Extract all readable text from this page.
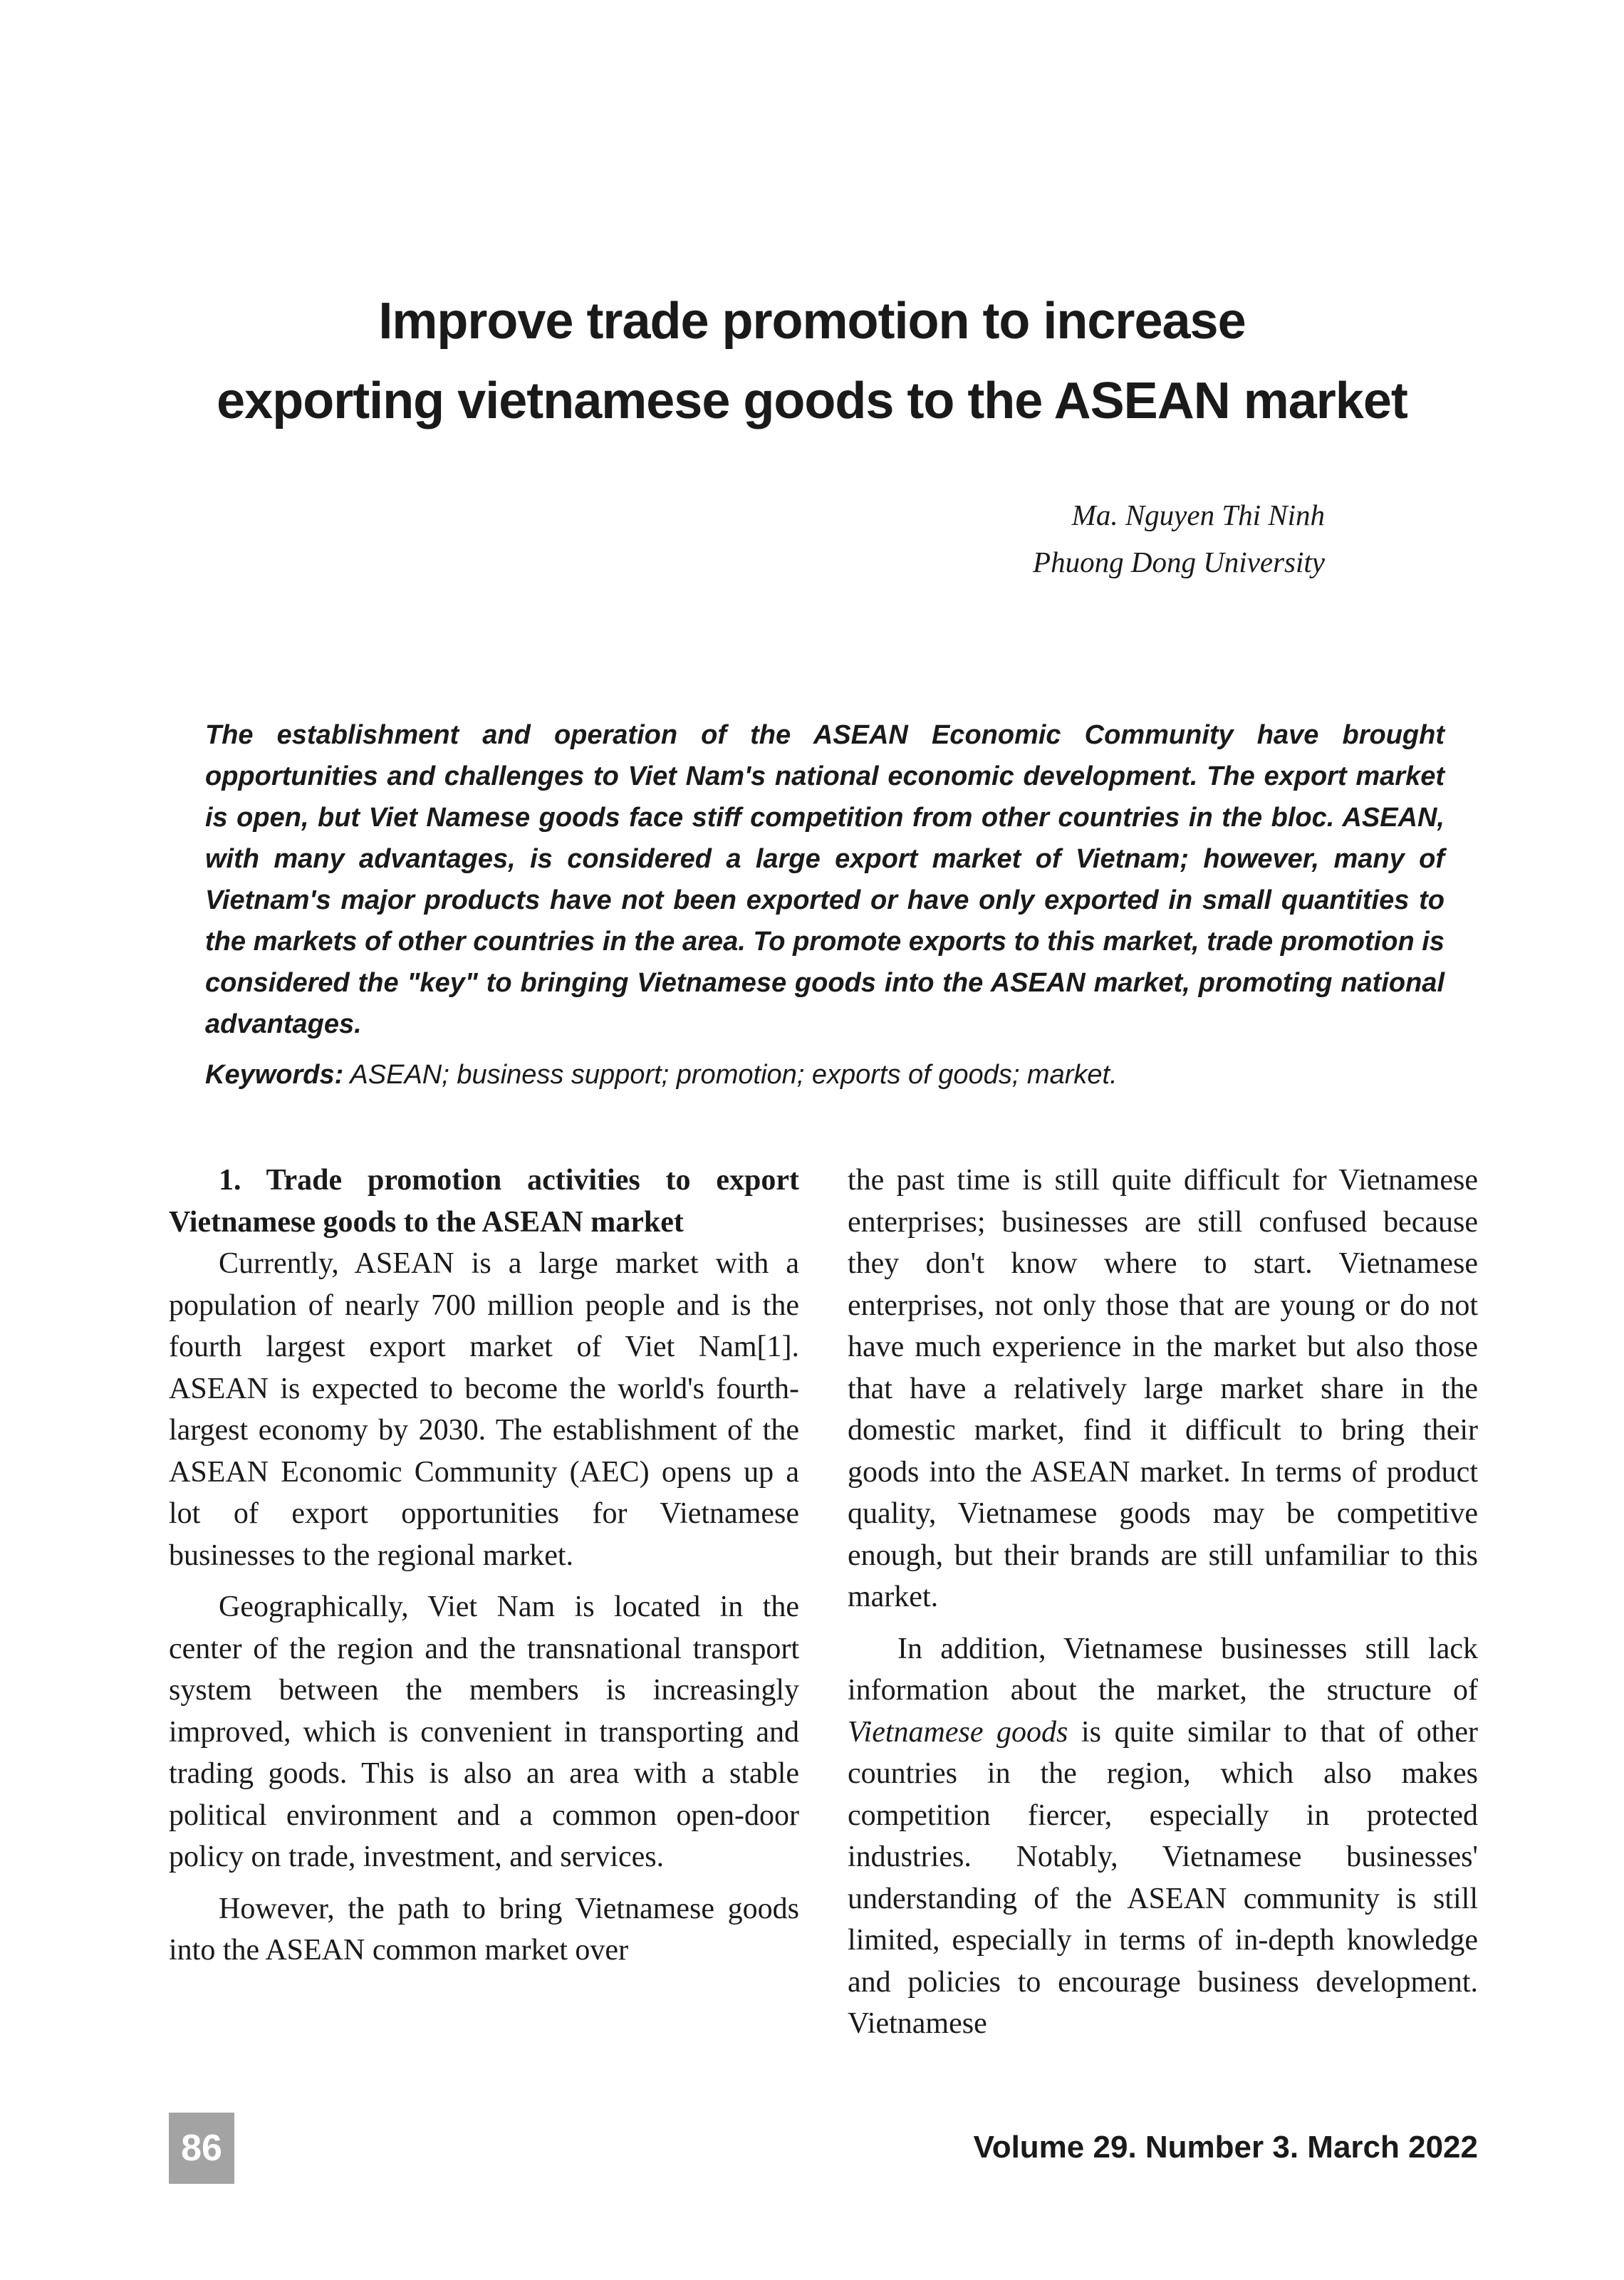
Improve trade promotion to increase
exporting vietnamese goods to the ASEAN market
Ma. Nguyen Thi Ninh
Phuong Dong University

The establishment and operation of the ASEAN Economic Community have brought opportunities and challenges to Viet Nam's national economic development. The export market is open, but Viet Namese goods face stiff competition from other countries in the bloc. ASEAN, with many advantages, is considered a large export market of Vietnam; however, many of Vietnam's major products have not been exported or have only exported in small quantities to the markets of other countries in the area. To promote exports to this market, trade promotion is considered the "key" to bringing Vietnamese goods into the ASEAN market, promoting national advantages.

Keywords: ASEAN; business support; promotion; exports of goods; market.

1. Trade promotion activities to export Vietnamese goods to the ASEAN market

Currently, ASEAN is a large market with a population of nearly 700 million people and is the fourth largest export market of Viet Nam[1]. ASEAN is expected to become the world's fourth-largest economy by 2030. The establishment of the ASEAN Economic Community (AEC) opens up a lot of export opportunities for Vietnamese businesses to the regional market.

Geographically, Viet Nam is located in the center of the region and the transnational transport system between the members is increasingly improved, which is convenient in transporting and trading goods. This is also an area with a stable political environment and a common open-door policy on trade, investment, and services.

However, the path to bring Vietnamese goods into the ASEAN common market over

the past time is still quite difficult for Vietnamese enterprises; businesses are still confused because they don't know where to start. Vietnamese enterprises, not only those that are young or do not have much experience in the market but also those that have a relatively large market share in the domestic market, find it difficult to bring their goods into the ASEAN market. In terms of product quality, Vietnamese goods may be competitive enough, but their brands are still unfamiliar to this market.

In addition, Vietnamese businesses still lack information about the market, the structure of Vietnamese goods is quite similar to that of other countries in the region, which also makes competition fiercer, especially in protected industries. Notably, Vietnamese businesses' understanding of the ASEAN community is still limited, especially in terms of in-depth knowledge and policies to encourage business development. Vietnamese

86	Volume 29. Number 3. March 2022
